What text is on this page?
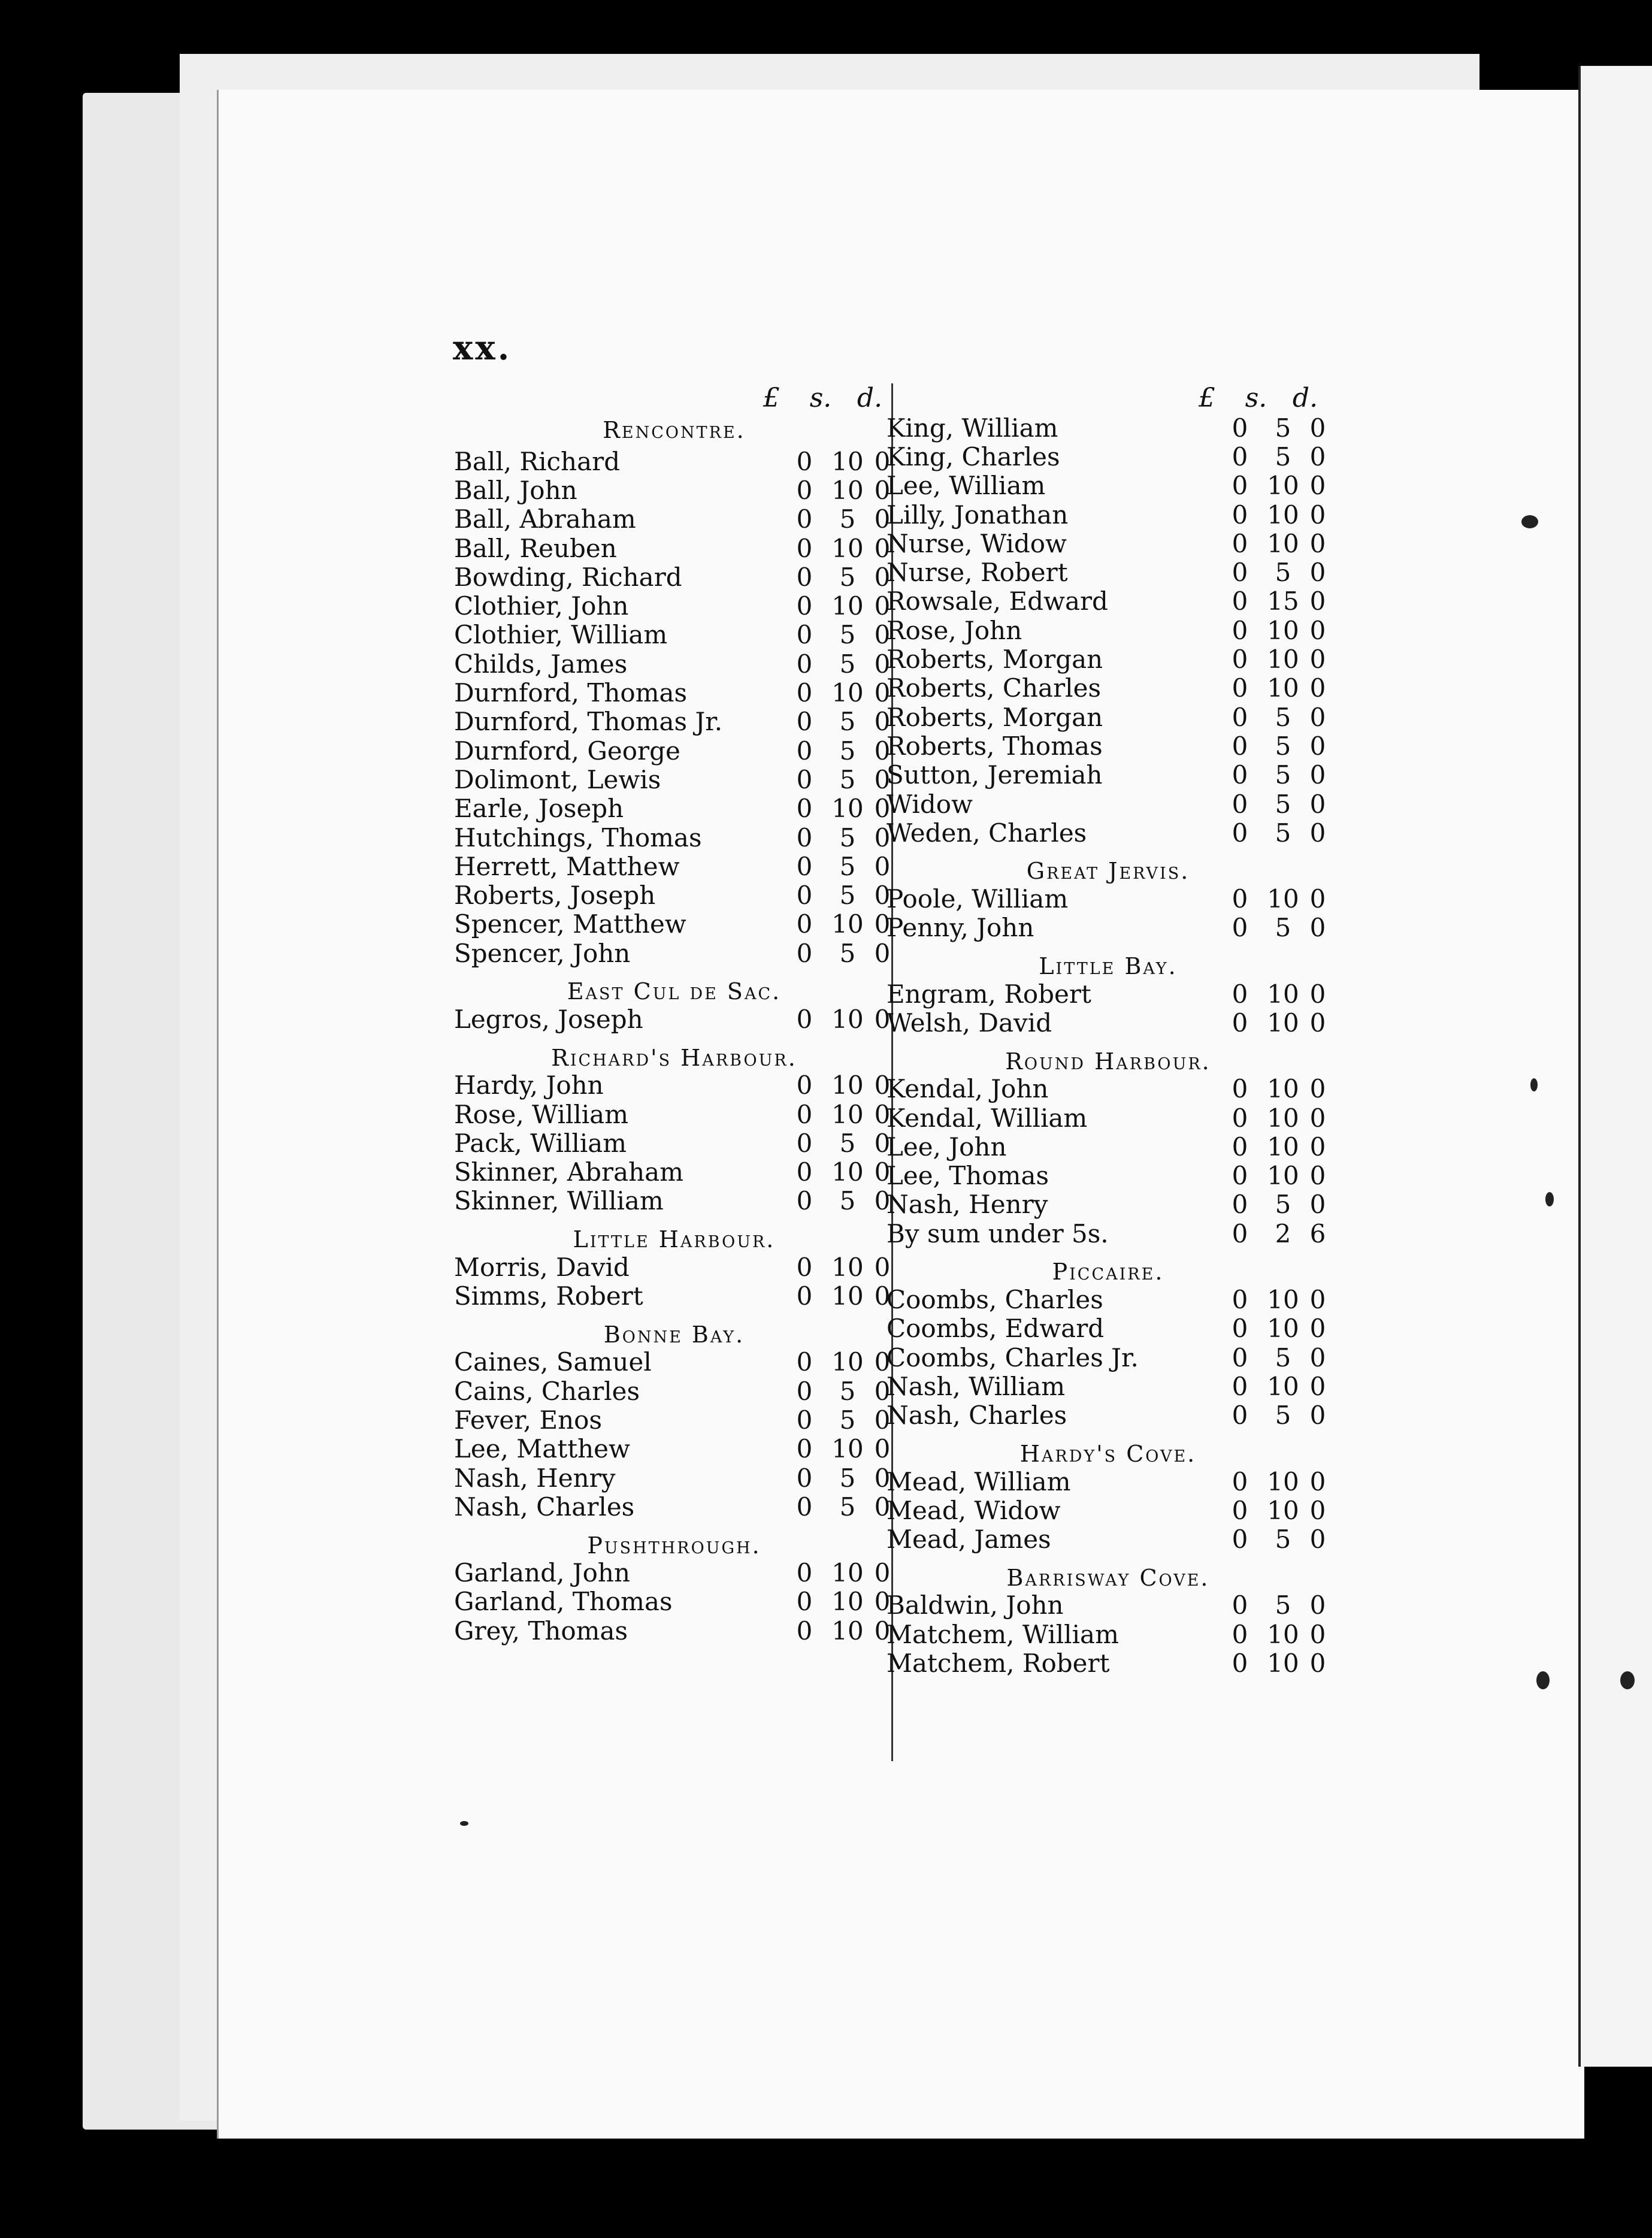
xx.
£	s. d.
Rencontre.
Ball, Richard	0 10 0
Ball, John	0 10 0
Ball, Abraham	0	5 0
Ball, Reuben	0 10 0
Bowding, Richard	0	5 0
Clothier, John	0 10 0
Clothier, William	0	5 0
Childs, James	0	5 0
Durnford, Thomas	0 10 0
Durnford, Thomas Jr.	0	5 0
Durnford, George	0	5 0
Dolimont, Lewis	0	5 0
Earle, Joseph	0 10 0
Hutchings, Thomas	0	5 0
Herrett, Matthew	0	5 0
Roberts, Joseph	0	5 0
Spencer, Matthew	0 10 0
Spencer, John	0	5 0
East Cul de Sac.
Legros, Joseph	0 10 0
Richard's Harbour.
Hardy, John	0 10 0
Rose, William	0 10 0
Pack, William	0	5 0
Skinner, Abraham	0 10 0
Skinner, William	0	5 0
Little Harbour.
Morris, David	0 10 0
Simms, Robert	0 10 0
Bonne Bay.
Caines, Samuel	0 10 0
Cains, Charles	0	5 0
Fever, Enos	0	5 0
Lee, Matthew	0 10 0
Nash, Henry	0	5 0
Nash, Charles	0	5 0
Pushthrough.
Garland, John	0 10 0
Garland, Thomas	0 10 0
Grey, Thomas	0 10 0
£	s. d.
King, William	0	5 0
King, Charles	0	5 0
Lee, William	0 10 0
Lilly, Jonathan	0 10 0
Nurse, Widow	0 10 0
Nurse, Robert	0	5 0
Rowsale, Edward	0 15 0
Rose, John	0 10 0
Roberts, Morgan	0 10 0
Roberts, Charles	0 10 0
Roberts, Morgan	0	5 0
Roberts, Thomas	0	5 0
Sutton, Jeremiah	0	5 0
Widow	0	5 0
Weden, Charles	0	5 0
Great Jervis.
Poole, William	0 10 0
Penny, John	0	5 0
Little Bay.
Engram, Robert	0 10 0
Welsh, David	0 10 0
Round Harbour.
Kendal, John	0 10 0
Kendal, William	0 10 0
Lee, John	0 10 0
Lee, Thomas	0 10 0
Nash, Henry	0	5 0
By sum under 5s.	0	2 6
Piccaire.
Coombs, Charles	0 10 0
Coombs, Edward	0 10 0
Coombs, Charles Jr.	0	5 0
Nash, William	0 10 0
Nash, Charles	0	5 0
Hardy's Cove.
Mead, William	0 10 0
Mead, Widow	0 10 0
Mead, James	0	5 0
Barrisway Cove.
Baldwin, John	0	5 0
Matchem, William	0 10 0
Matchem, Robert	0 10 0
